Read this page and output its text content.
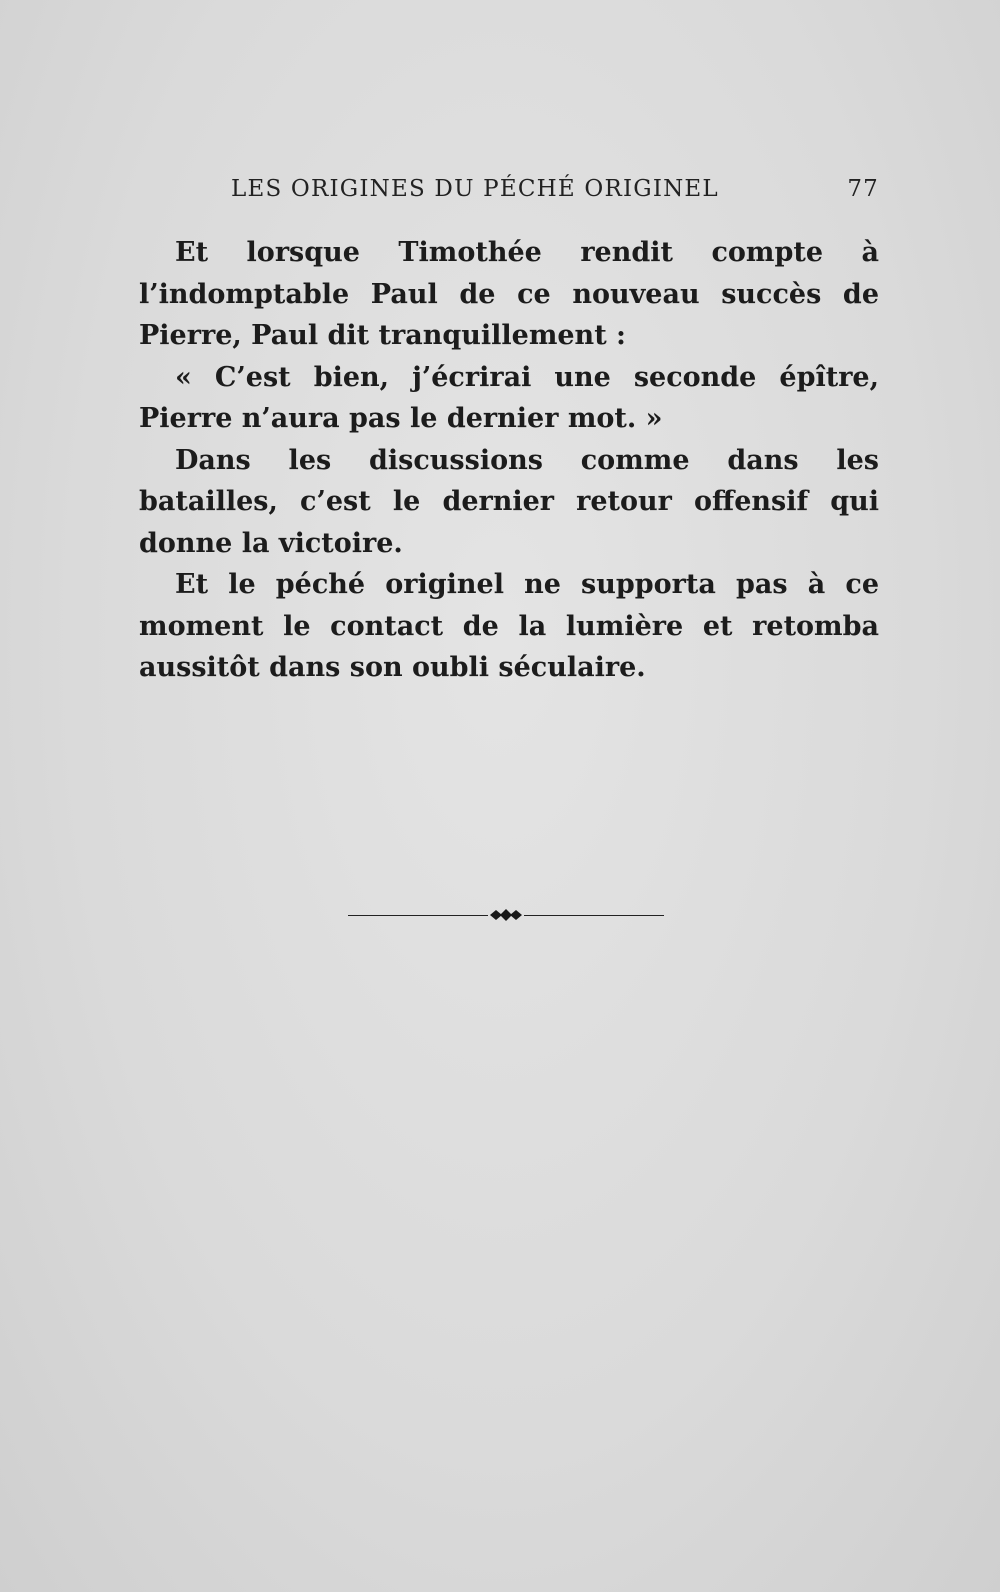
LES ORIGINES DU PÉCHÉ ORIGINEL	77

Et lorsque Timothée rendit compte à l’indomptable Paul de ce nouveau succès de Pierre, Paul dit tranquillement :

« C’est bien, j’écrirai une seconde épître, Pierre n’aura pas le dernier mot. »

Dans les discussions comme dans les batailles, c’est le dernier retour offensif qui donne la victoire.

Et le péché originel ne supporta pas à ce moment le contact de la lumière et retomba aussitôt dans son oubli séculaire.
